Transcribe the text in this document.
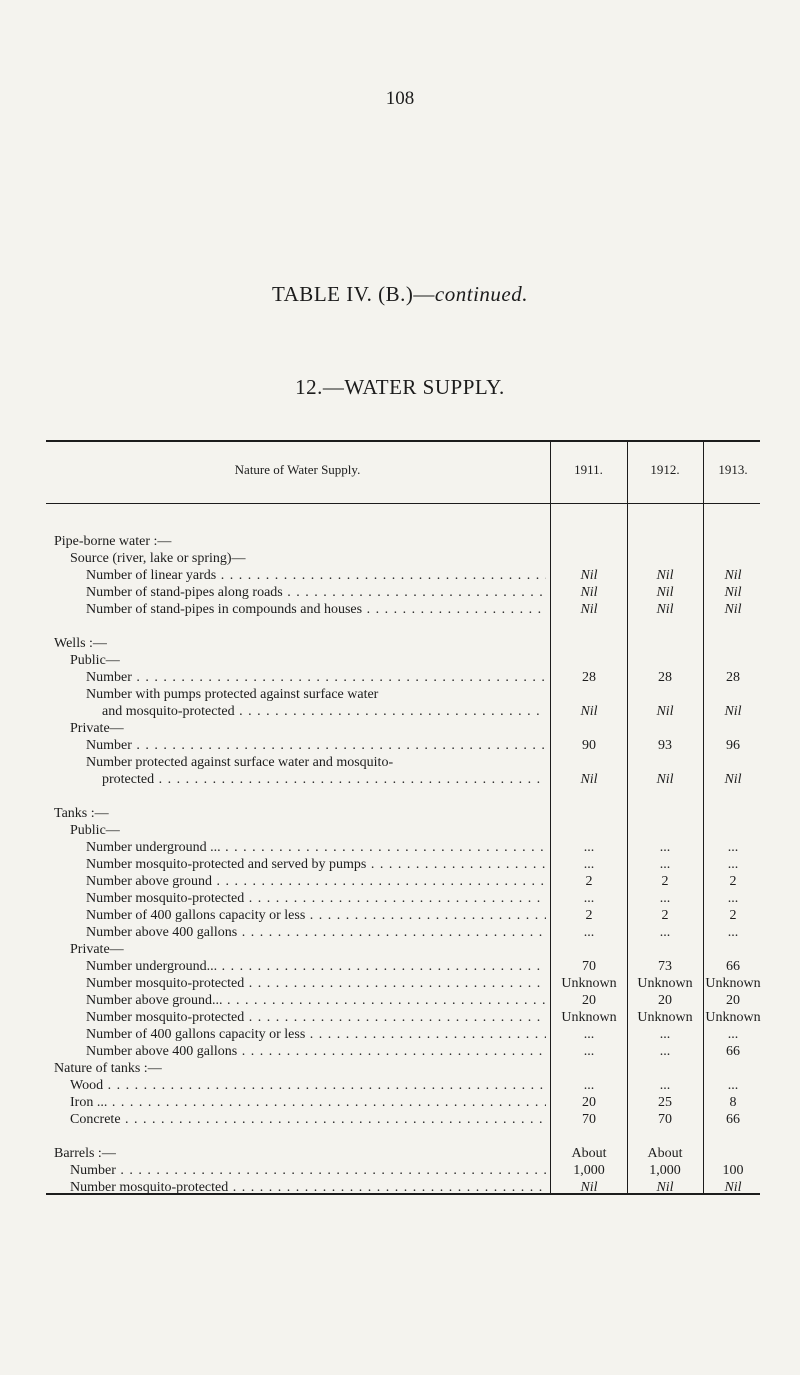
108
TABLE IV. (B.)—continued.
12.—WATER SUPPLY.
Nature of Water Supply.	1911.	1912.	1913.
Pipe-borne water :—
Source (river, lake or spring)—
Number of linear yards . . .	Nil	Nil	Nil
Number of stand-pipes along roads . . .	Nil	Nil	Nil
Number of stand-pipes in compounds and houses . . .	Nil	Nil	Nil
Wells :—
Public—
Number . . .	28	28	28
Number with pumps protected against surface water
and mosquito-protected . . .	Nil	Nil	Nil
Private—
Number . . .	90	93	96
Number protected against surface water and mosquito-
protected . . .	Nil	Nil	Nil
Tanks :—
Public—
Number underground ... . . .	...	...	...
Number mosquito-protected and served by pumps . . .	...	...	...
Number above ground . . .	2	2	2
Number mosquito-protected . . .	...	...	...
Number of 400 gallons capacity or less . . .	2	2	2
Number above 400 gallons . . .	...	...	...
Private—
Number underground... . . .	70	73	66
Number mosquito-protected . . .	Unknown	Unknown Unknown
Number above ground... . . .	20	20	20
Number mosquito-protected . . .	Unknown	Unknown Unknown
Number of 400 gallons capacity or less . . .	...	...	...
Number above 400 gallons . . .	...	...	66
Nature of tanks :—
Wood . . .	...	...	...
Iron ... . . .	20	25	8
Concrete . . .	70	70	66
Barrels :—	About	About
Number . . .	1,000	1,000	100
Number mosquito-protected . . .	Nil	Nil	Nil
